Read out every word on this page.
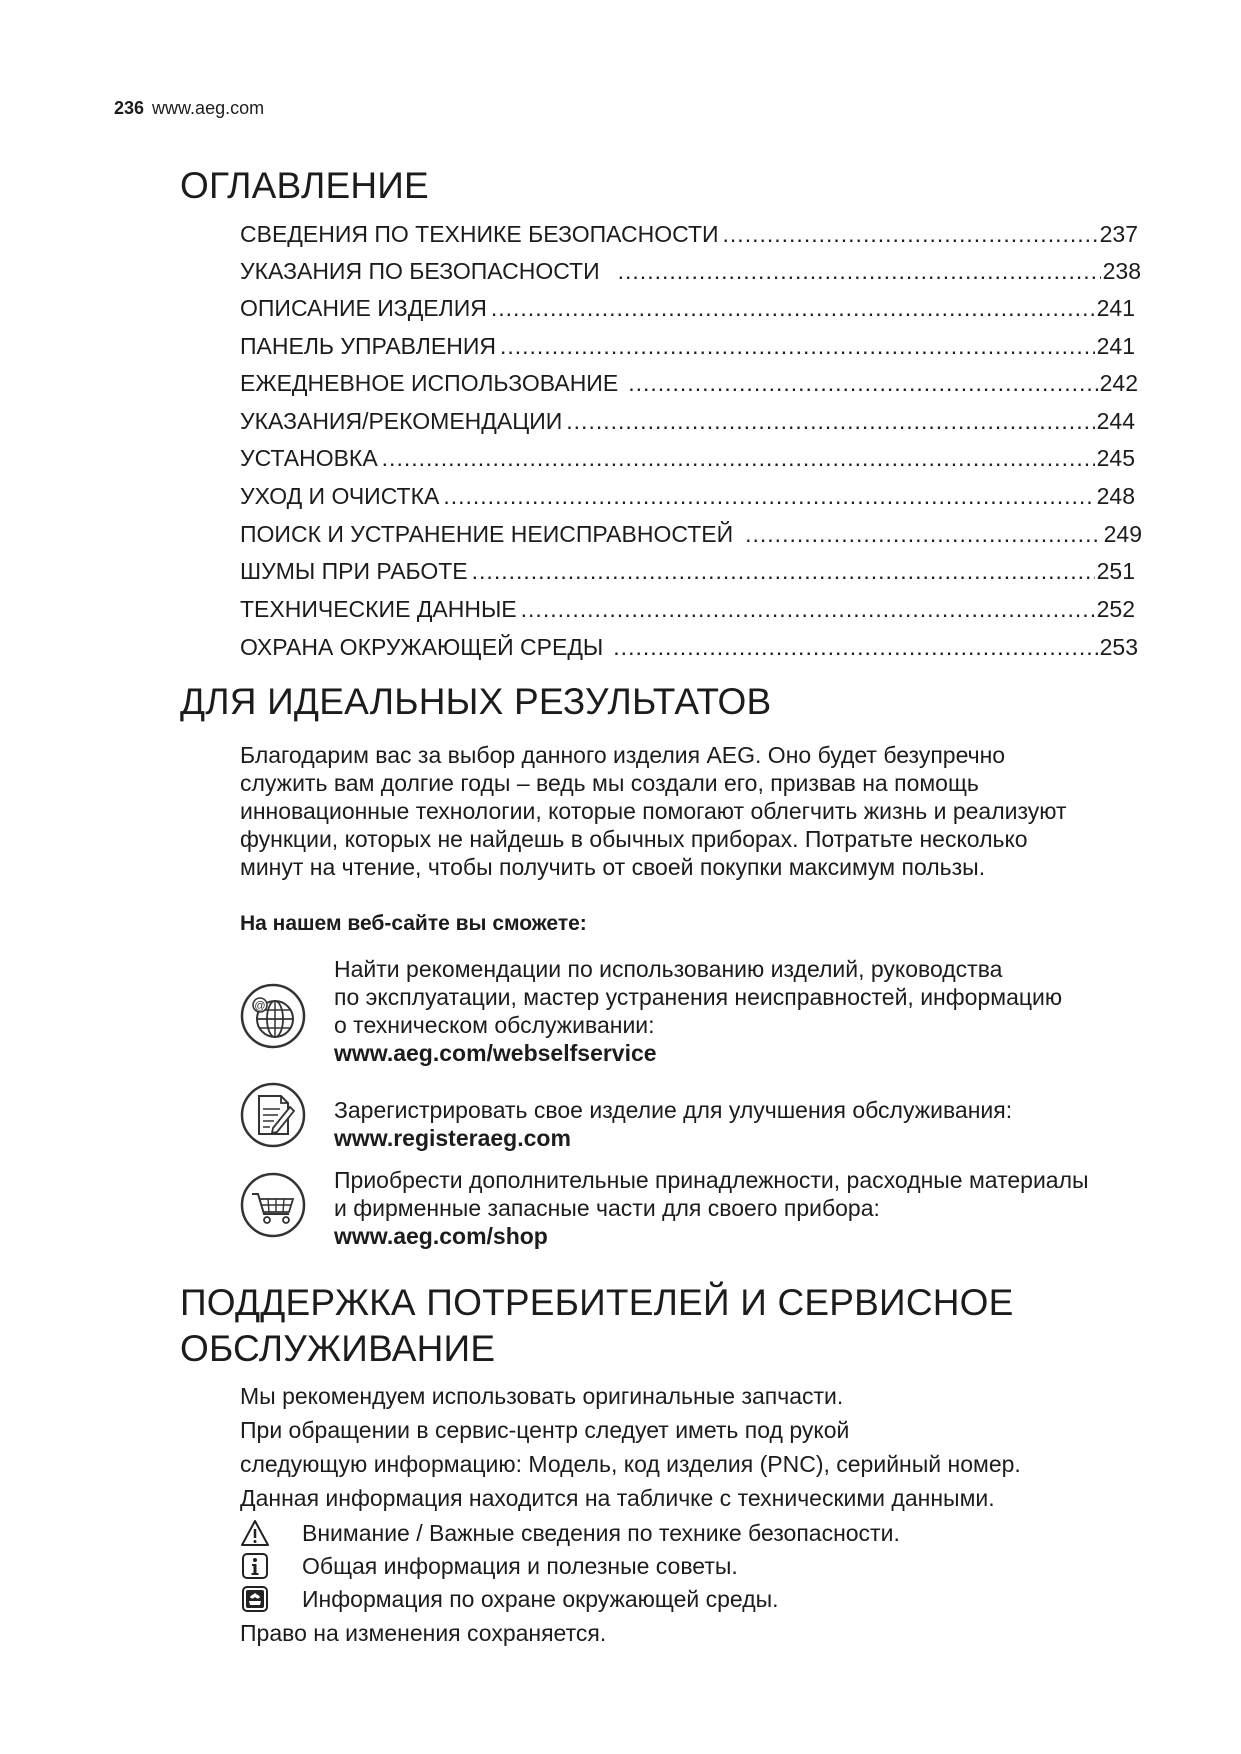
236 www.aeg.com
ОГЛАВЛЕНИЕ
СВЕДЕНИЯ ПО ТЕХНИКЕ БЕЗОПАСНОСТИ .....	237
УКАЗАНИЯ ПО БЕЗОПАСНОСТИ .....	238
ОПИСАНИЕ ИЗДЕЛИЯ .....	241
ПАНЕЛЬ УПРАВЛЕНИЯ .....	241
ЕЖЕДНЕВНОЕ ИСПОЛЬЗОВАНИЕ .....	242
УКАЗАНИЯ/РЕКОМЕНДАЦИИ .....	244
УСТАНОВКА .....	245
УХОД И ОЧИСТКА .....	248
ПОИСК И УСТРАНЕНИЕ НЕИСПРАВНОСТЕЙ .....	249
ШУМЫ ПРИ РАБОТЕ .....	251
ТЕХНИЧЕСКИЕ ДАННЫЕ .....	252
ОХРАНА ОКРУЖАЮЩЕЙ СРЕДЫ .....	253
ДЛЯ ИДЕАЛЬНЫХ РЕЗУЛЬТАТОВ
Благодарим вас за выбор данного изделия AEG. Оно будет безупречно
служить вам долгие годы – ведь мы создали его, призвав на помощь
инновационные технологии, которые помогают облегчить жизнь и реализуют
функции, которых не найдешь в обычных приборах. Потратьте несколько
минут на чтение, чтобы получить от своей покупки максимум пользы.
На нашем веб-сайте вы сможете:
@
Найти рекомендации по использованию изделий, руководства
по эксплуатации, мастер устранения неисправностей, информацию
о техническом обслуживании:
www.aeg.com/webselfservice
Зарегистрировать свое изделие для улучшения обслуживания:
www.registeraeg.com
Приобрести дополнительные принадлежности, расходные материалы
и фирменные запасные части для своего прибора:
www.aeg.com/shop
ПОДДЕРЖКА ПОТРЕБИТЕЛЕЙ И СЕРВИСНОЕ
ОБСЛУЖИВАНИЕ
Мы рекомендуем использовать оригинальные запчасти.
При обращении в сервис-центр следует иметь под рукой
следующую информацию: Модель, код изделия (PNC), серийный номер.
Данная информация находится на табличке с техническими данными.
Внимание / Важные сведения по технике безопасности.
Общая информация и полезные советы.
Информация по охране окружающей среды.
Право на изменения сохраняется.
